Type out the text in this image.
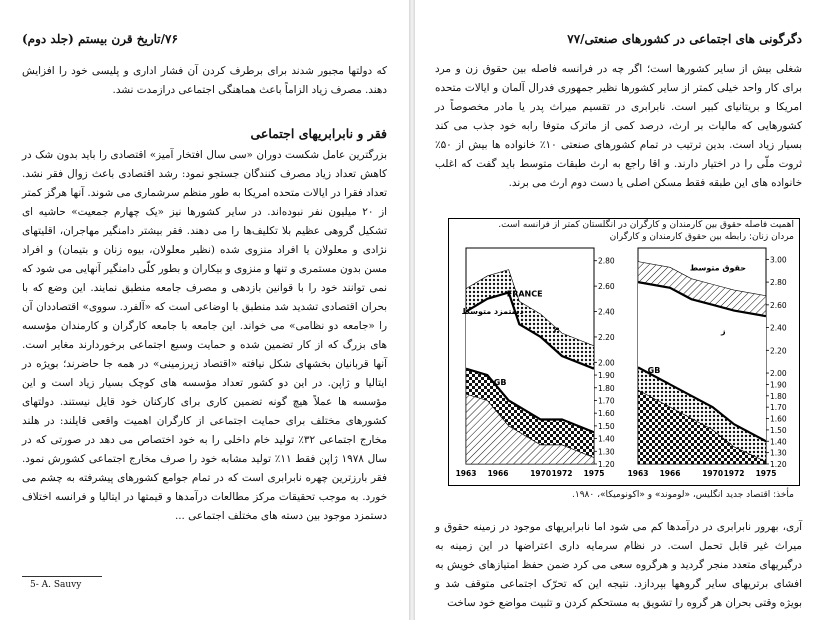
۷۶/تاریخ قرن بیستم (جلد دوم)
که دولتها مجبور شدند برای برطرف کردن آن فشار اداری و پلیسی خود را افزایش دهند. مصرف زیاد الزاماً باعث هماهنگی اجتماعی درازمدت نشد.
فقر و نابرابریهای اجتماعی
بزرگترین عامل شکست دوران «سی سال افتخار آمیز» اقتصادی را باید بدون شک در کاهش تعداد زیاد مصرف کنندگان جستجو نمود: رشد اقتصادی باعث زوال فقر نشد. تعداد فقرا در ایالات متحده امریکا به طور منظم سرشماری می شوند. آنها هرگز کمتر از ۲۰ میلیون نفر نبوده‌اند. در سایر کشورها نیز «یک چهارم جمعیت» حاشیه ای تشکیل گروهی عظیم بلا تکلیف‌ها را می دهند. فقر بیشتر دامنگیر مهاجران، اقلیتهای نژادی و معلولان یا افراد منزوی شده (نظیر معلولان، بیوه زنان و بتیمان) و افراد مسن بدون مستمری و تنها و منزوی و بیکاران و بطور کلّی دامنگیر آنهایی می شود که نمی توانند خود را با قوانین بازدهی و مصرف جامعه منطبق نمایند. این وضع که با بحران اقتصادی تشدید شد منطبق با اوضاعی است که «آلفرد. سووی» اقتصاددان آن را «جامعه دو نظامی» می خواند. این جامعه با جامعه کارگران و کارمندان مؤسسه های بزرگ که از کار تضمین شده و حمایت وسیع اجتماعی برخوردارند مغایر است. آنها قربانیان بخشهای شکل نیافته «اقتصاد زیرزمینی» در همه جا حاضرند؛ بویژه در ایتالیا و ژاپن. در این دو کشور تعداد مؤسسه های کوچک بسیار زیاد است و این مؤسسه ها عملاً هیچ گونه تضمین کاری برای کارکنان خود قایل نیستند. دولتهای کشورهای مختلف برای حمایت اجتماعی از کارگران اهمیت واقعی قایلند: در هلند مخارج اجتماعی ۳۲٪ تولید خام داخلی را به خود اختصاص می دهد در صورتی که در سال ۱۹۷۸ ژاپن فقط ۱۱٪ تولید مشابه خود را صرف مخارج اجتماعی کشورش نمود. فقر بارزترین چهره نابرابری است که در تمام جوامع کشورهای پیشرفته به چشم می خورد. به موجب تحقیقات مرکز مطالعات درآمدها و قیمتها در ایتالیا و فرانسه اختلاف دستمزد موجود بین دسته های مختلف اجتماعی ...
5- A. Sauvy
دگرگونی های اجتماعی در کشورهای صنعتی/۷۷
شغلی بیش از سایر کشورها است؛ اگر چه در فرانسه فاصله بین حقوق زن و مرد برای کار واحد خیلی کمتر از سایر کشورها نظیر جمهوری فدرال آلمان و ایالات متحده امریکا و بریتانیای کبیر است. نابرابری در تقسیم میراث پدر یا مادر مخصوصاً در کشورهایی که مالیات بر ارث، درصد کمی از ماترک متوفا رابه خود جذب می کند بسیار زیاد است. بدین ترتیب در تمام کشورهای صنعتی ۱۰٪ خانواده ها بیش از ۵۰٪ ثروت ملّی را در اختیار دارند. و اقا راجع به ارث طبقات متوسط باید گفت که اغلب خانواده های این طبقه فقط مسکن اصلی یا دست دوم ارث می برند.
اهمیت فاصله حقوق بین کارمندان و کارگران در انگلستان کمتر از فرانسه است.
مردان زنان: رابطه بین حقوق کارمندان و کارگران
1.20
1.30
1.40
1.50
1.60
1.70
1.80
1.90
2.00
2.20
2.40
2.60
2.80
1963 1966	1970 1972 1975
FRANCE
دستمزد متوسط
م
GB
1.20
1.30
1.40
1.50
1.60
1.70
1.80
1.90
2.00
2.20
2.40
2.60
2.80
3.00
1963 1966	1970 1972 1975
حقوق متوسط
ز
GB
مأخذ: اقتصاد جدید انگلیس، «لوموند» و «اکونومیکا»، ۱۹۸۰.
آری، بهرور نابرابری در درآمدها کم می شود اما نابرابریهای موجود در زمینه حقوق و میراث غیر قابل تحمل است. در نظام سرمایه داری اعتراضها در این زمینه به درگیریهای متعدد منجر گردید و هرگروه سعی می کرد ضمن حفظ امتیازهای خویش به افشای برتریهای سایر گروهها بپردازد. نتیجه این که تحرّک اجتماعی متوقف شد و بویژه وقتی بحران هر گروه را تشویق به مستحکم کردن و تثبیت مواضع خود ساخت
